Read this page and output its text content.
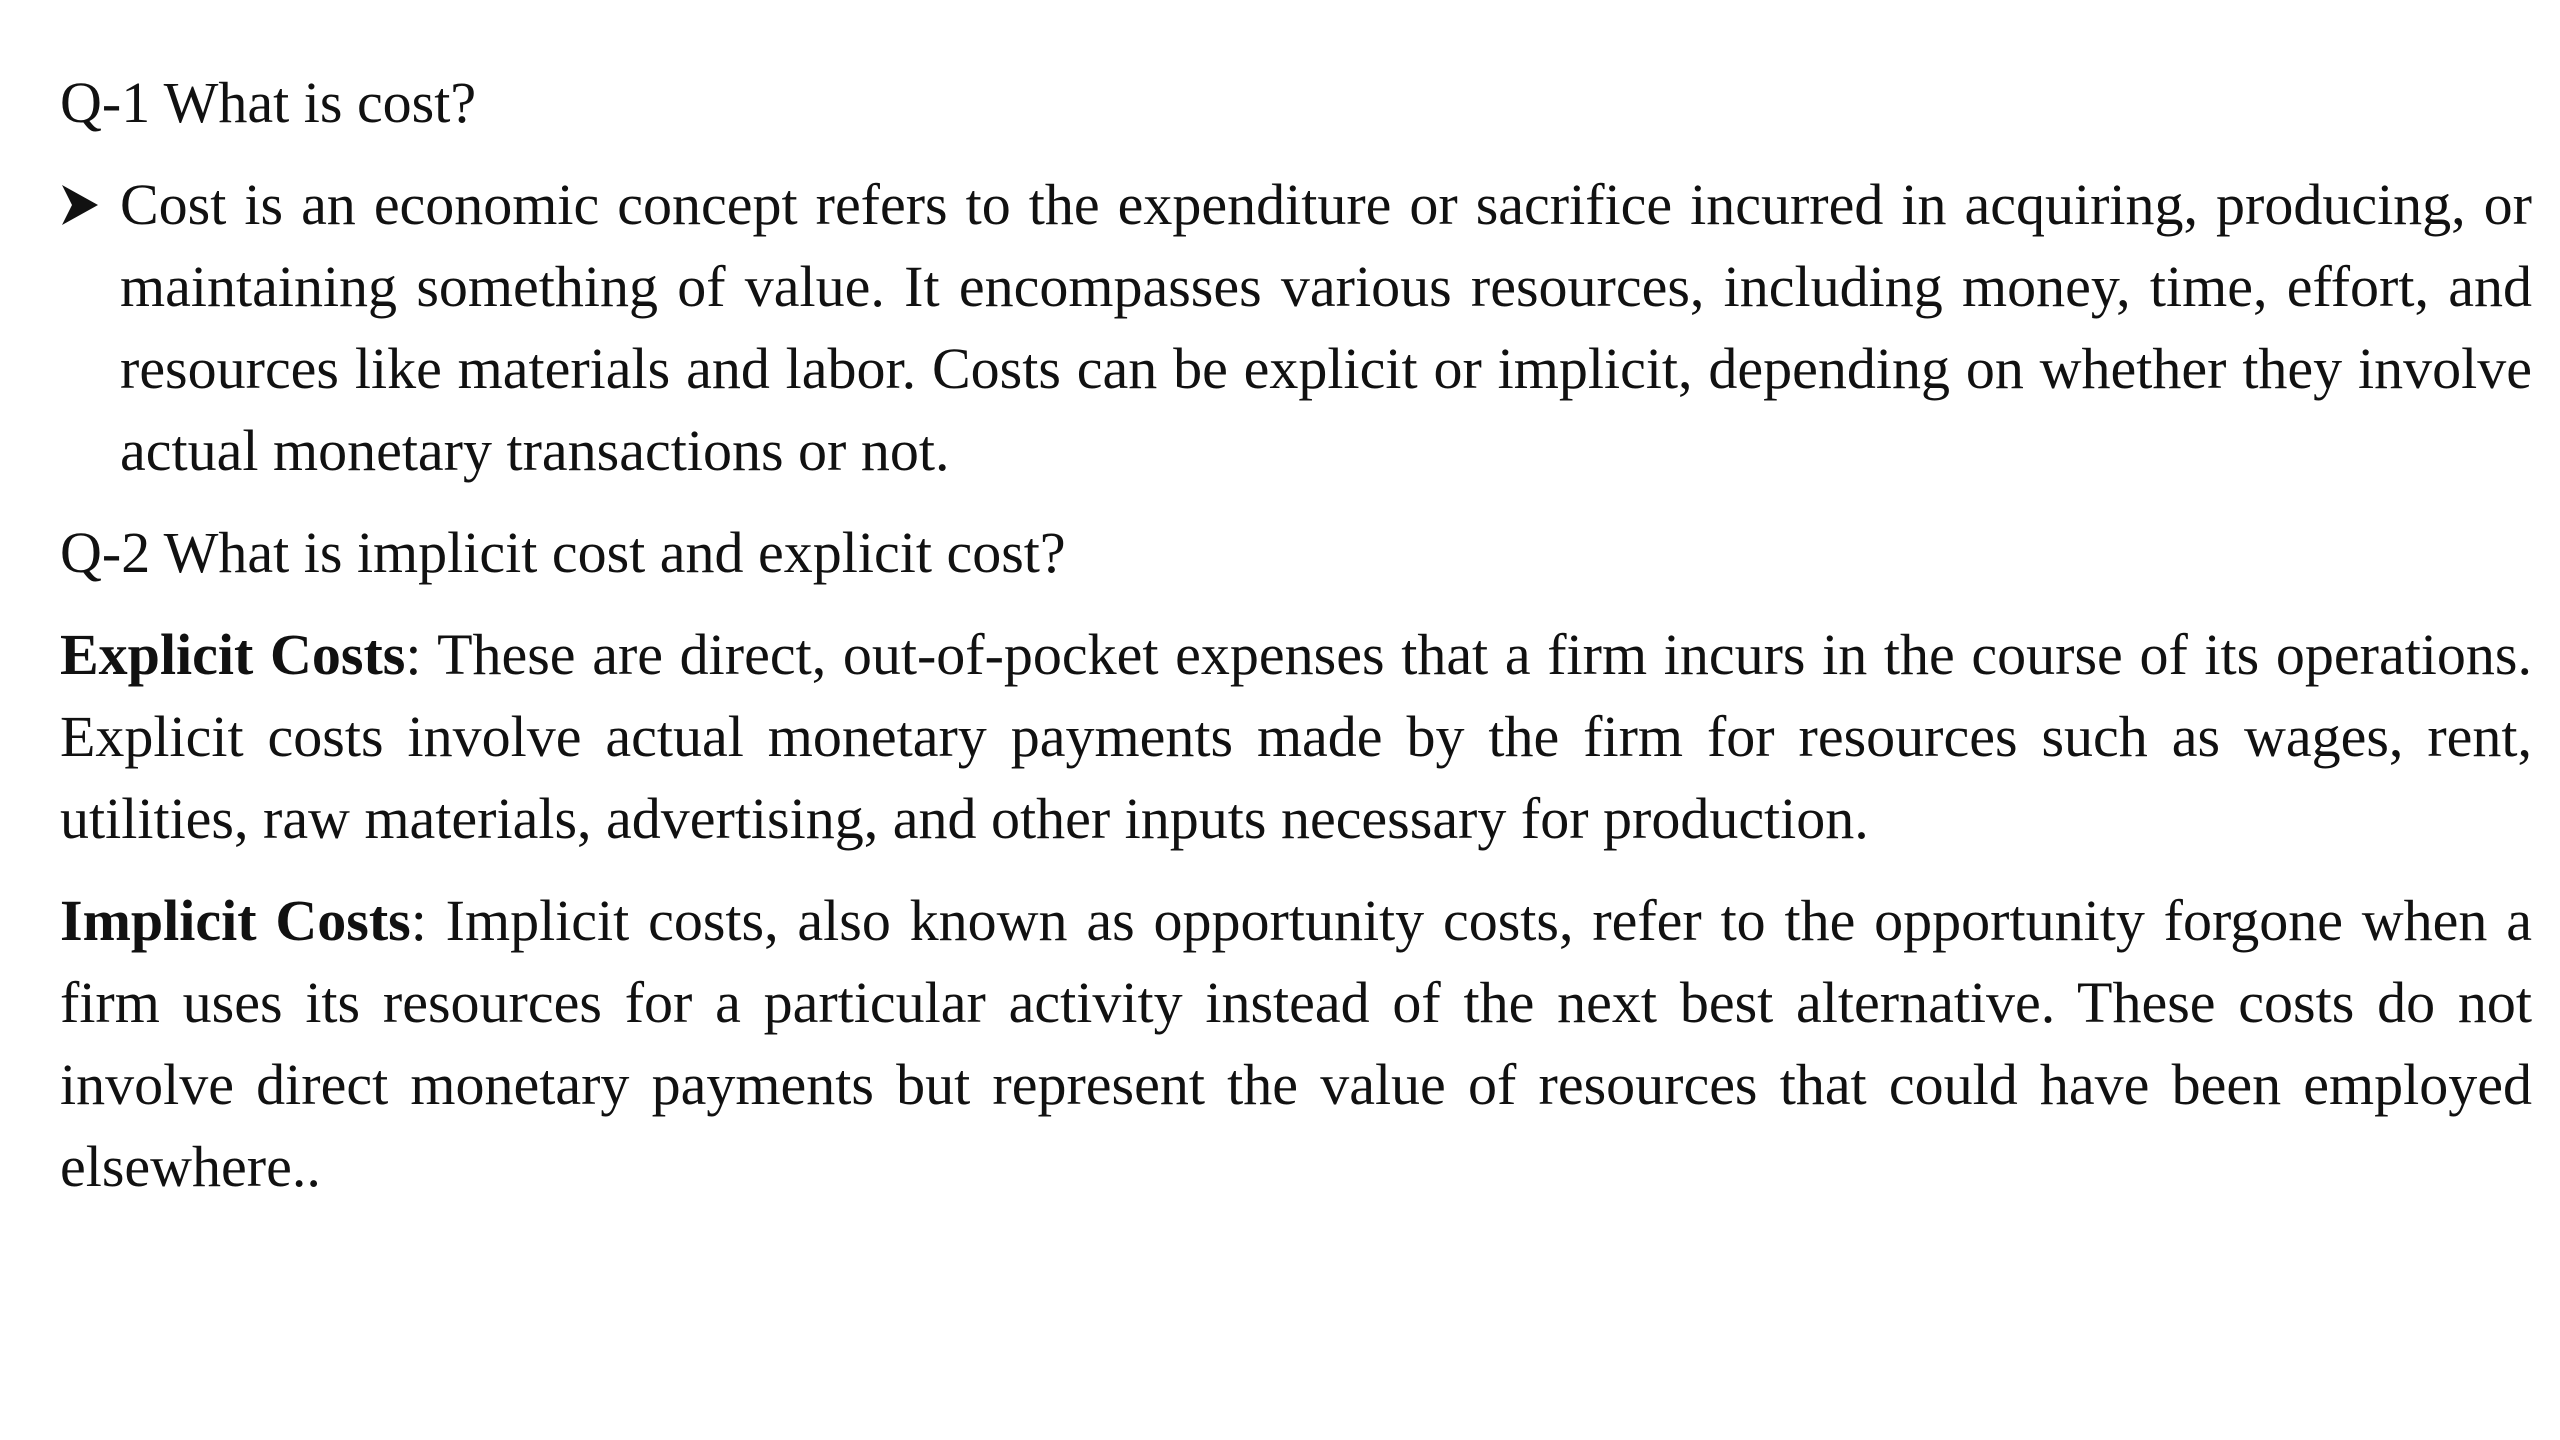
Q-1 What is cost?

Cost is an economic concept refers to the expenditure or sacrifice incurred in acquiring, producing, or maintaining something of value. It encompasses various resources, including money, time, effort, and resources like materials and labor. Costs can be explicit or implicit, depending on whether they involve actual monetary transactions or not.

Q-2 What is implicit cost and explicit cost?

Explicit Costs: These are direct, out-of-pocket expenses that a firm incurs in the course of its operations. Explicit costs involve actual monetary payments made by the firm for resources such as wages, rent, utilities, raw materials, advertising, and other inputs necessary for production.

Implicit Costs: Implicit costs, also known as opportunity costs, refer to the opportunity forgone when a firm uses its resources for a particular activity instead of the next best alternative. These costs do not involve direct monetary payments but represent the value of resources that could have been employed elsewhere..
